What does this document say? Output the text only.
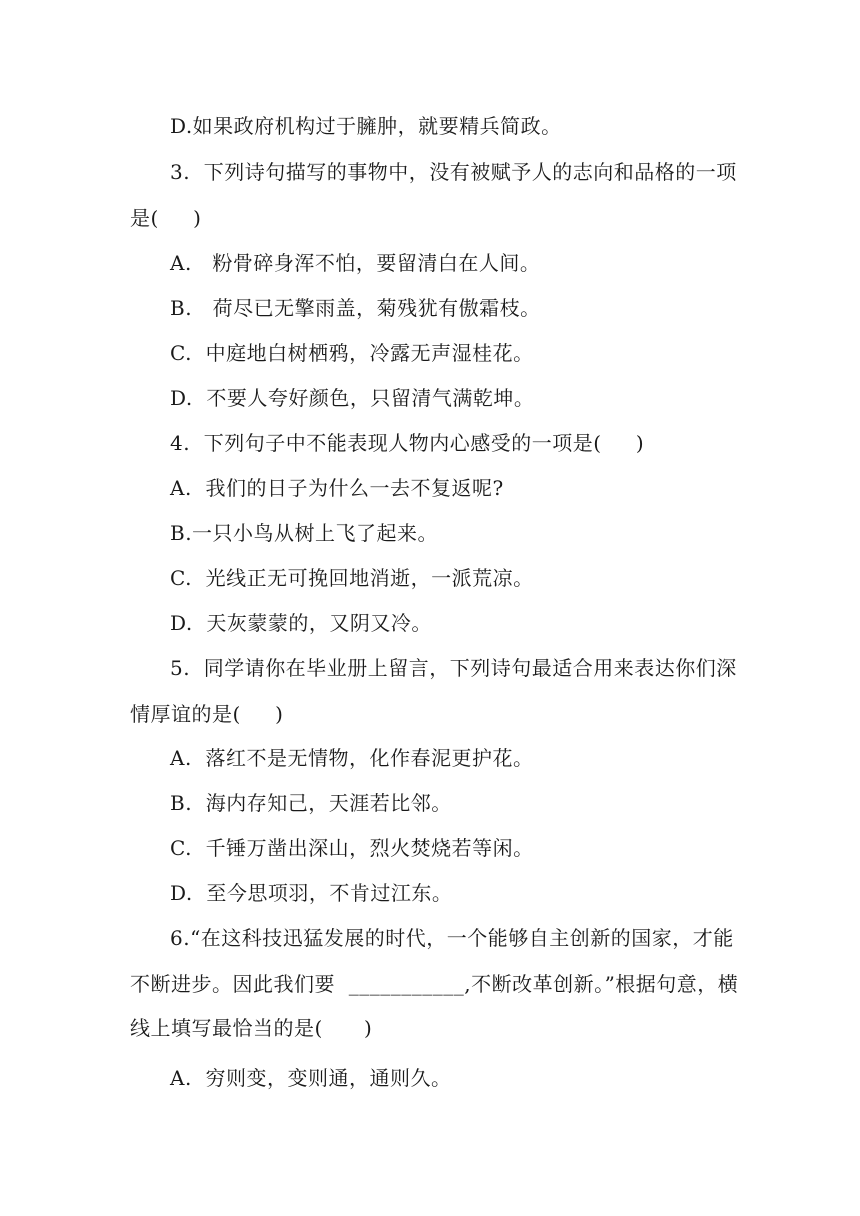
D.如果政府机构过于臃肿，就要精兵简政。
3.  下列诗句描写的事物中，没有被赋予人的志向和品格的一项
是(     )
A.   粉骨碎身浑不怕，要留清白在人间。
B.   荷尽已无擎雨盖，菊残犹有傲霜枝。
C.  中庭地白树栖鸦，冷露无声湿桂花。
D.  不要人夸好颜色，只留清气满乾坤。
4.  下列句子中不能表现人物内心感受的一项是(     )
A.  我们的日子为什么一去不复返呢?
B.一只小鸟从树上飞了起来。
C.  光线正无可挽回地消逝，一派荒凉。
D.  天灰蒙蒙的，又阴又冷。
5.  同学请你在毕业册上留言，下列诗句最适合用来表达你们深
情厚谊的是(     )
A.  落红不是无情物，化作春泥更护花。
B.  海内存知己，天涯若比邻。
C.  千锤万凿出深山，烈火焚烧若等闲。
D.  至今思项羽，不肯过江东。
6.“在这科技迅猛发展的时代，一个能够自主创新的国家，才能
不断进步。因此我们要  ___________,不断改革创新。”根据句意，横
线上填写最恰当的是(      )
A.  穷则变，变则通，通则久。
